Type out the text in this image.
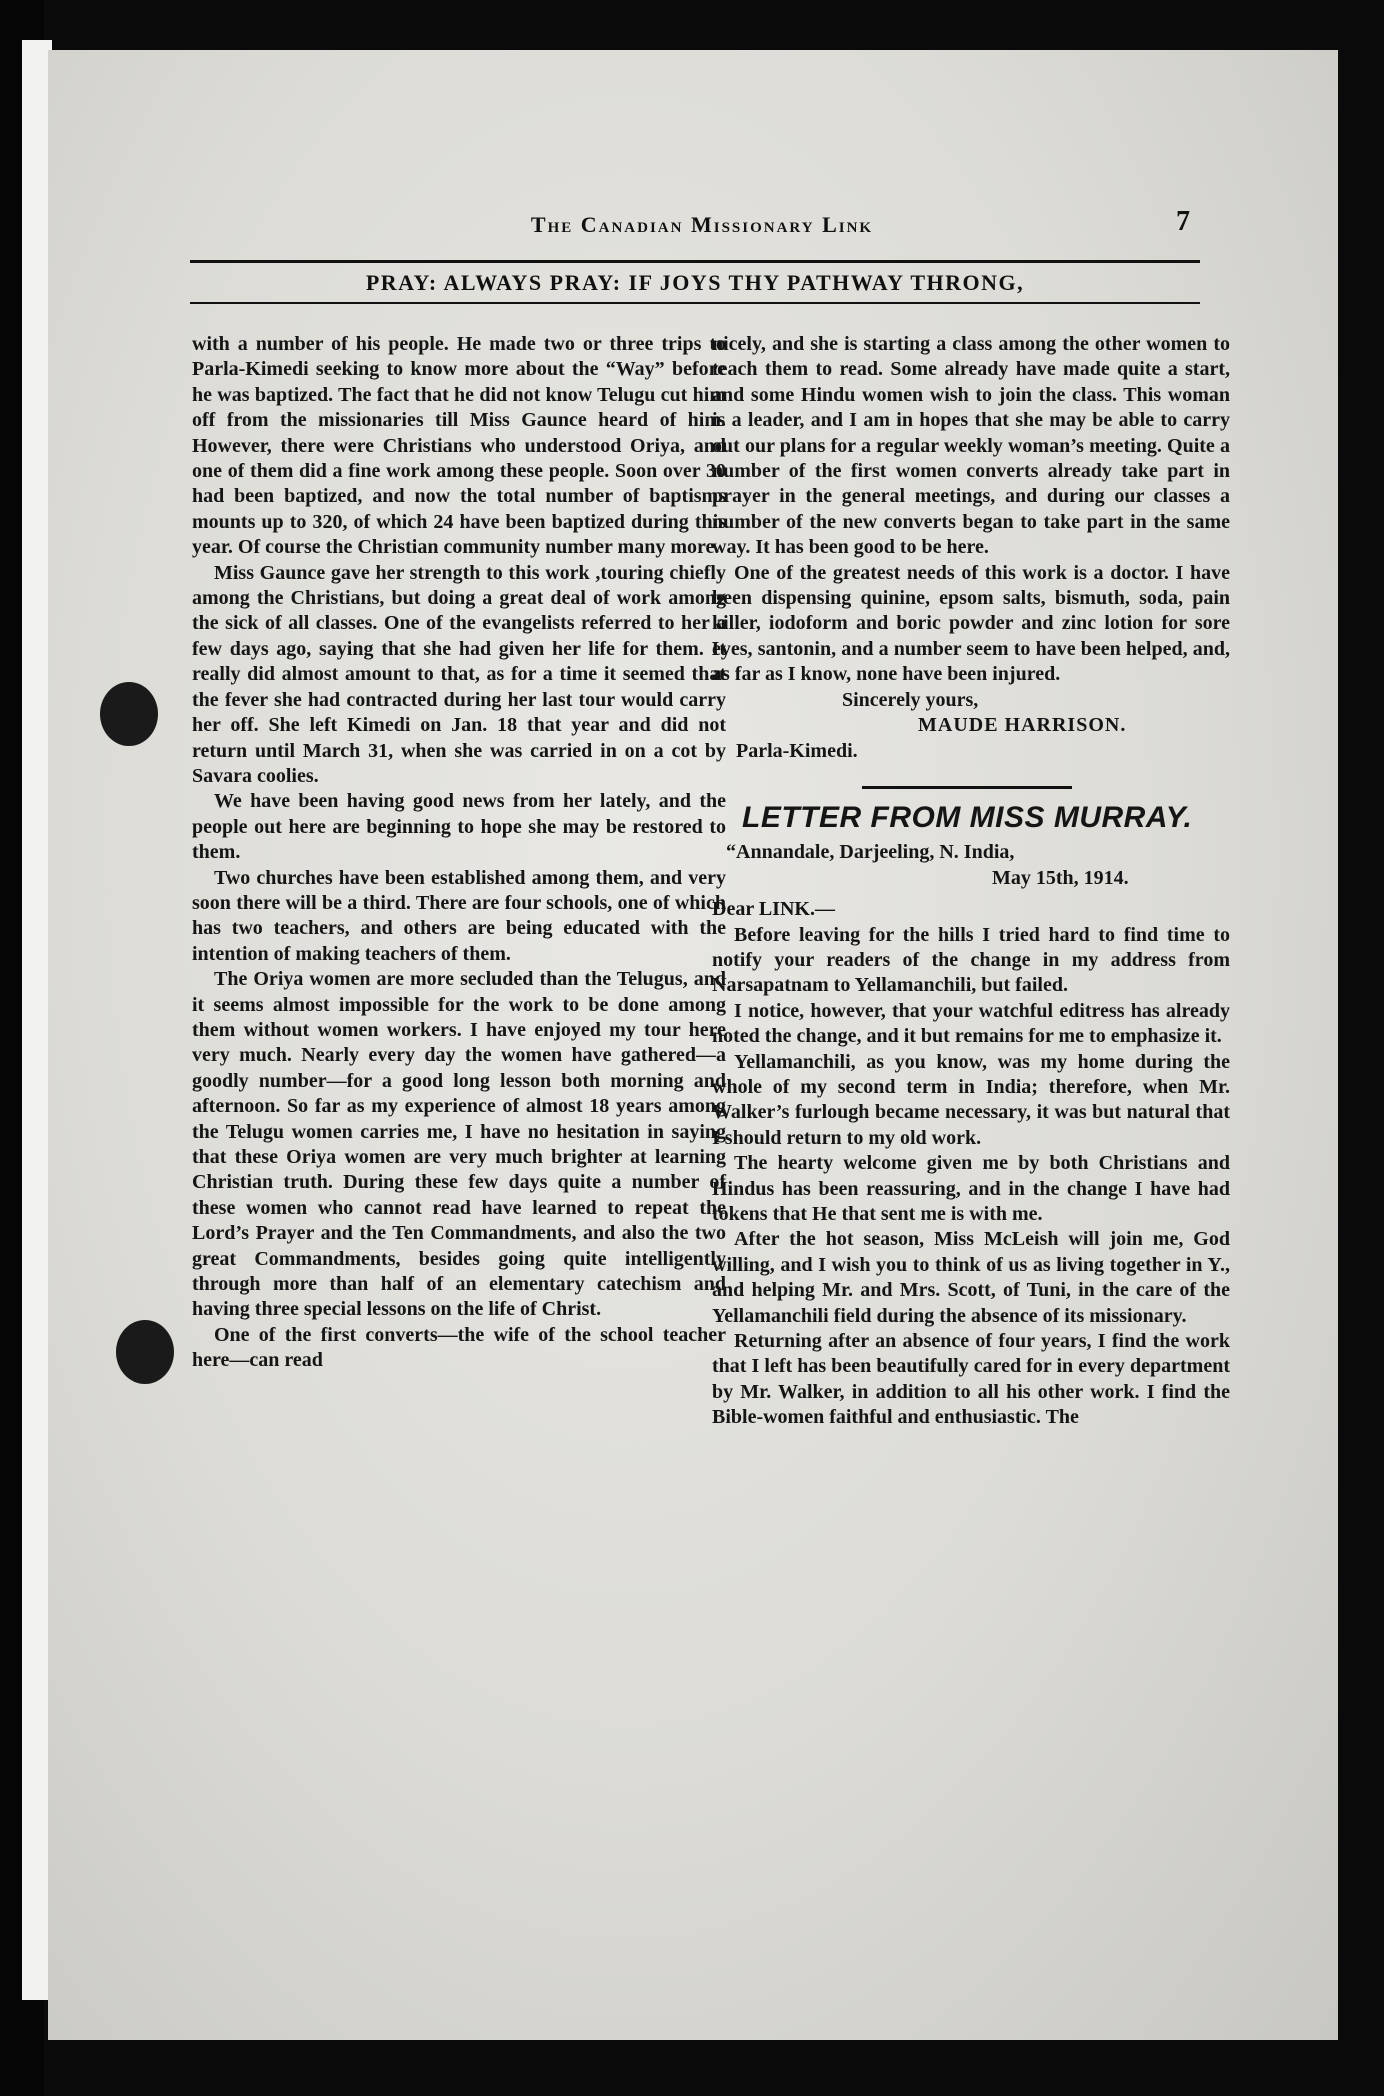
The Canadian Missionary Link	7
PRAY: ALWAYS PRAY: IF JOYS THY PATHWAY THRONG,

with a number of his people. He made two or three trips to Parla-Kimedi seeking to know more about the “Way” before he was baptized. The fact that he did not know Telugu cut him off from the missionaries till Miss Gaunce heard of him. However, there were Christians who understood Oriya, and one of them did a fine work among these people. Soon over 30 had been baptized, and now the total number of baptisms mounts up to 320, of which 24 have been baptized during this year. Of course the Christian community number many more.

Miss Gaunce gave her strength to this work ,touring chiefly among the Christians, but doing a great deal of work among the sick of all classes. One of the evangelists referred to her a few days ago, saying that she had given her life for them. It really did almost amount to that, as for a time it seemed that the fever she had contracted during her last tour would carry her off. She left Kimedi on Jan. 18 that year and did not return until March 31, when she was carried in on a cot by Savara coolies.

We have been having good news from her lately, and the people out here are beginning to hope she may be restored to them.

Two churches have been established among them, and very soon there will be a third. There are four schools, one of which has two teachers, and others are being educated with the intention of making teachers of them.

The Oriya women are more secluded than the Telugus, and it seems almost impossible for the work to be done among them without women workers. I have enjoyed my tour here very much. Nearly every day the women have gathered—a goodly number—for a good long lesson both morning and afternoon. So far as my experience of almost 18 years among the Telugu women carries me, I have no hesitation in saying that these Oriya women are very much brighter at learning Christian truth. During these few days quite a number of these women who cannot read have learned to repeat the Lord’s Prayer and the Ten Commandments, and also the two great Commandments, besides going quite intelligently through more than half of an elementary catechism and having three special lessons on the life of Christ.

One of the first converts—the wife of the school teacher here—can read

nicely, and she is starting a class among the other women to teach them to read. Some already have made quite a start, and some Hindu women wish to join the class. This woman is a leader, and I am in hopes that she may be able to carry out our plans for a regular weekly woman’s meeting. Quite a number of the first women converts already take part in prayer in the general meetings, and during our classes a number of the new converts began to take part in the same way. It has been good to be here.

One of the greatest needs of this work is a doctor. I have been dispensing quinine, epsom salts, bismuth, soda, pain killer, iodoform and boric powder and zinc lotion for sore eyes, santonin, and a number seem to have been helped, and, as far as I know, none have been injured.

Sincerely yours,

MAUDE HARRISON.

Parla-Kimedi.

LETTER FROM MISS MURRAY.

“Annandale, Darjeeling, N. India,

May 15th, 1914.

Dear LINK.—

Before leaving for the hills I tried hard to find time to notify your readers of the change in my address from Narsapatnam to Yellamanchili, but failed.

I notice, however, that your watchful editress has already noted the change, and it but remains for me to emphasize it.

Yellamanchili, as you know, was my home during the whole of my second term in India; therefore, when Mr. Walker’s furlough became necessary, it was but natural that I should return to my old work.

The hearty welcome given me by both Christians and Hindus has been reassuring, and in the change I have had tokens that He that sent me is with me.

After the hot season, Miss McLeish will join me, God willing, and I wish you to think of us as living together in Y., and helping Mr. and Mrs. Scott, of Tuni, in the care of the Yellamanchili field during the absence of its missionary.

Returning after an absence of four years, I find the work that I left has been beautifully cared for in every department by Mr. Walker, in addition to all his other work. I find the Bible-women faithful and enthusiastic. The
